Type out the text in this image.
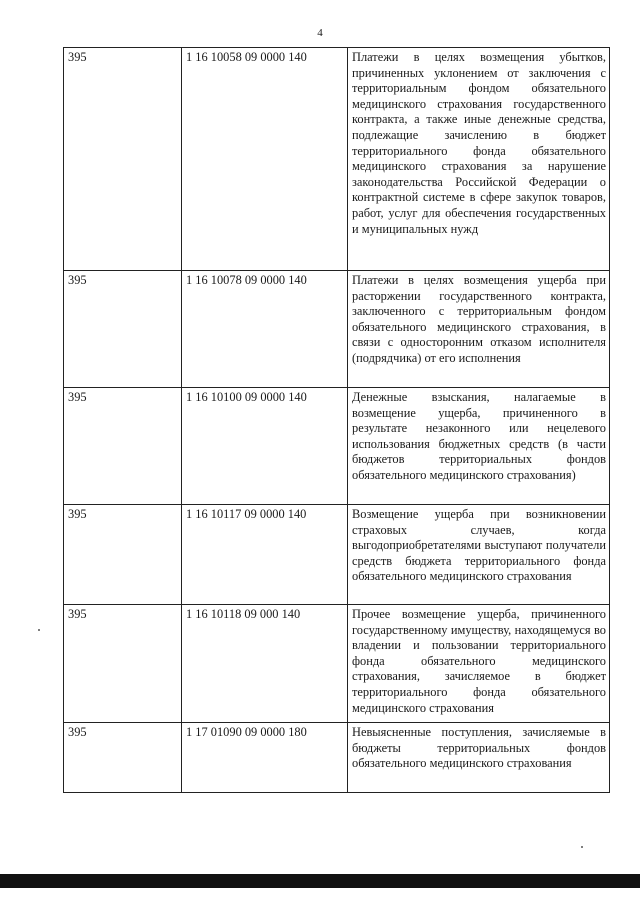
4
395	1 16 10058 09 0000 140	Платежи в целях возмещения убытков, причиненных уклонением от заключения с территориальным фондом обязательного медицинского страхования государственного контракта, а также иные денежные средства, подлежащие зачислению в бюджет территориального фонда обязательного медицинского страхования за нарушение законодательства Российской Федерации о контрактной системе в сфере закупок товаров, работ, услуг для обеспечения государственных и муниципальных нужд
395	1 16 10078 09 0000 140	Платежи в целях возмещения ущерба при расторжении государственного контракта, заключенного с территориальным фондом обязательного медицинского страхования, в связи с односторонним отказом исполнителя (подрядчика) от его исполнения
395	1 16 10100 09 0000 140	Денежные взыскания, налагаемые в возмещение ущерба, причиненного в результате незаконного или нецелевого использования бюджетных средств (в части бюджетов территориальных фондов обязательного медицинского страхования)
395	1 16 10117 09 0000 140	Возмещение ущерба при возникновении страховых случаев, когда выгодоприобретателями выступают получатели средств бюджета территориального фонда обязательного медицинского страхования
395	1 16 10118 09 000 140	Прочее возмещение ущерба, причиненного государственному имуществу, находящемуся во владении и пользовании территориального фонда обязательного медицинского страхования, зачисляемое в бюджет территориального фонда обязательного медицинского страхования
395	1 17 01090 09 0000 180	Невыясненные поступления, зачисляемые в бюджеты территориальных фондов обязательного медицинского страхования
